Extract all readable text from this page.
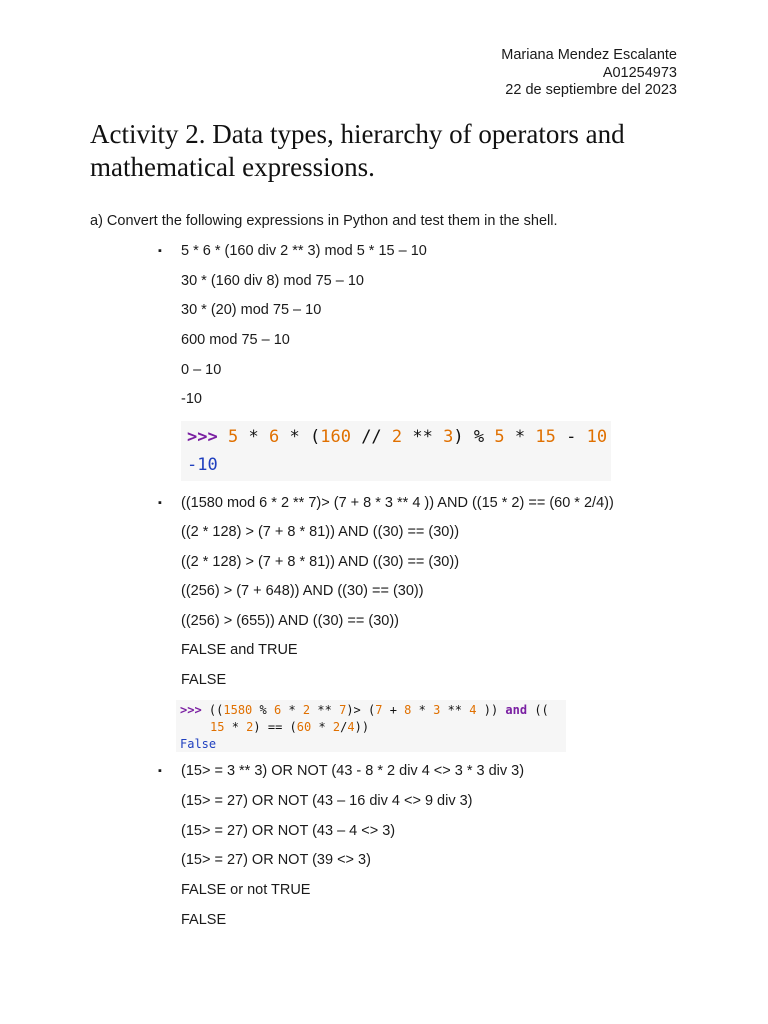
Mariana Mendez Escalante
A01254973
22 de septiembre del 2023
Activity 2. Data types, hierarchy of operators and mathematical expressions.
a) Convert the following expressions in Python and test them in the shell.
▪ 5 * 6 * (160 div 2 ** 3) mod 5 * 15 – 10
30 * (160 div 8) mod 75 – 10
30 * (20) mod 75 – 10
600 mod 75 – 10
0 – 10
-10
>>> 5 * 6 * (160 // 2 ** 3) % 5 * 15 - 10
-10
▪ ((1580 mod 6 * 2 ** 7)> (7 + 8 * 3 ** 4 )) AND ((15 * 2) == (60 * 2/4))
((2 * 128) > (7 + 8 * 81)) AND ((30) == (30))
((2 * 128) > (7 + 8 * 81)) AND ((30) == (30))
((256) > (7 + 648)) AND ((30) == (30))
((256) > (655)) AND ((30) == (30))
FALSE and TRUE
FALSE
>>> ((1580 % 6 * 2 ** 7)> (7 + 8 * 3 ** 4 )) and ((
15 * 2) == (60 * 2/4))
False
▪ (15> = 3 ** 3) OR NOT (43 - 8 * 2 div 4 <> 3 * 3 div 3)
(15> = 27) OR NOT (43 – 16 div 4 <> 9 div 3)
(15> = 27) OR NOT (43 – 4 <> 3)
(15> = 27) OR NOT (39 <> 3)
FALSE or not TRUE
FALSE
